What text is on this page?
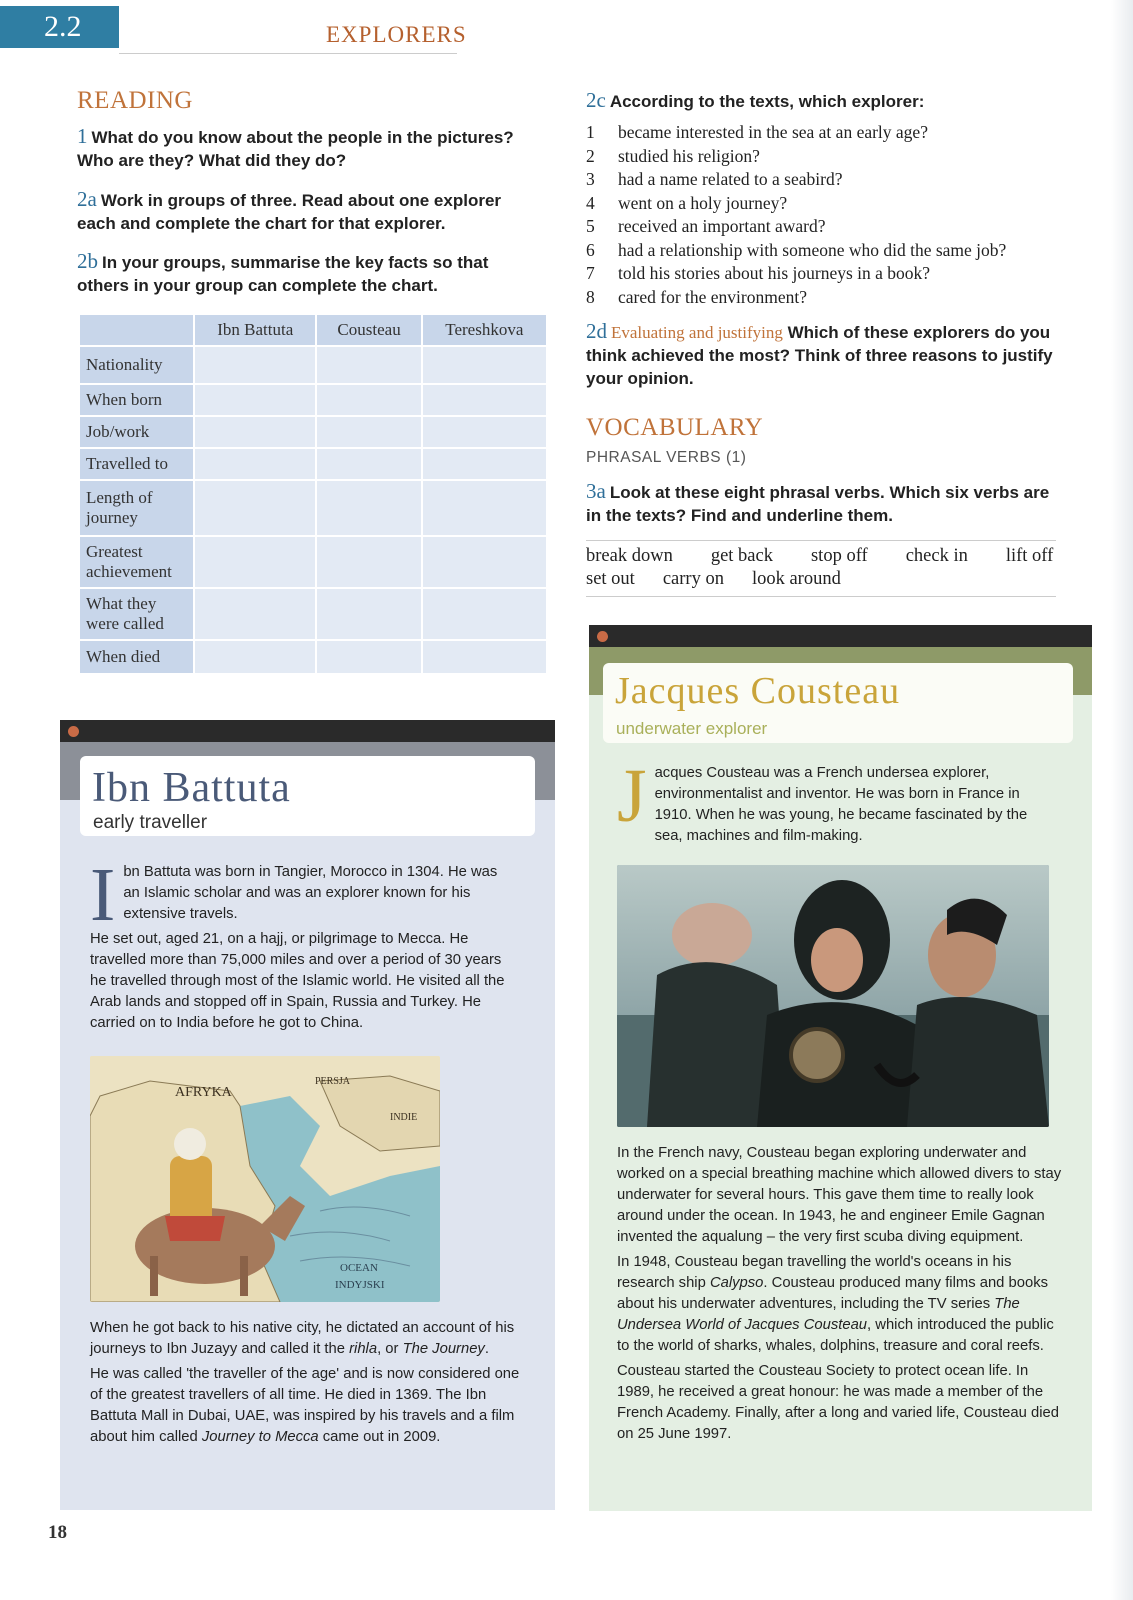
2.2	EXPLORERS
READING
1 What do you know about the people in the pictures? Who are they? What did they do?
2a Work in groups of three. Read about one explorer each and complete the chart for that explorer.
2b In your groups, summarise the key facts so that others in your group can complete the chart.
	Ibn Battuta	Cousteau	Tereshkova
Nationality			
When born			
Job/work			
Travelled to			
Length of journey			
Greatest achievement			
What they were called			
When died			
2c According to the texts, which explorer:
1	became interested in the sea at an early age?
2	studied his religion?
3	had a name related to a seabird?
4	went on a holy journey?
5	received an important award?
6	had a relationship with someone who did the same job?
7	told his stories about his journeys in a book?
8	cared for the environment?
2d Evaluating and justifying Which of these explorers do you think achieved the most? Think of three reasons to justify your opinion.
VOCABULARY
PHRASAL VERBS (1)
3a Look at these eight phrasal verbs. Which six verbs are in the texts? Find and underline them.
break down get back stop off check in lift off
set out carry on look around
Ibn Battuta
early traveller

Ibn Battuta was born in Tangier, Morocco in 1304. He was an Islamic scholar and was an explorer known for his extensive travels.

He set out, aged 21, on a hajj, or pilgrimage to Mecca. He travelled more than 75,000 miles and over a period of 30 years he travelled through most of the Islamic world. He visited all the Arab lands and stopped off in Spain, Russia and Turkey. He carried on to India before he got to China.

AFRYKA
PERSJA
INDIE
OCEAN
INDYJSKI

When he got back to his native city, he dictated an account of his journeys to Ibn Juzayy and called it the rihla, or The Journey.

He was called 'the traveller of the age' and is now considered one of the greatest travellers of all time. He died in 1369. The Ibn Battuta Mall in Dubai, UAE, was inspired by his travels and a film about him called Journey to Mecca came out in 2009.

Jacques Cousteau
underwater explorer

Jacques Cousteau was a French undersea explorer, environmentalist and inventor. He was born in France in 1910. When he was young, he became fascinated by the sea, machines and film-making.

In the French navy, Cousteau began exploring underwater and worked on a special breathing machine which allowed divers to stay underwater for several hours. This gave them time to really look around under the ocean. In 1943, he and engineer Emile Gagnan invented the aqualung – the very first scuba diving equipment.

In 1948, Cousteau began travelling the world's oceans in his research ship Calypso. Cousteau produced many films and books about his underwater adventures, including the TV series The Undersea World of Jacques Cousteau, which introduced the public to the world of sharks, whales, dolphins, treasure and coral reefs.

Cousteau started the Cousteau Society to protect ocean life. In 1989, he received a great honour: he was made a member of the French Academy. Finally, after a long and varied life, Cousteau died on 25 June 1997.

18
